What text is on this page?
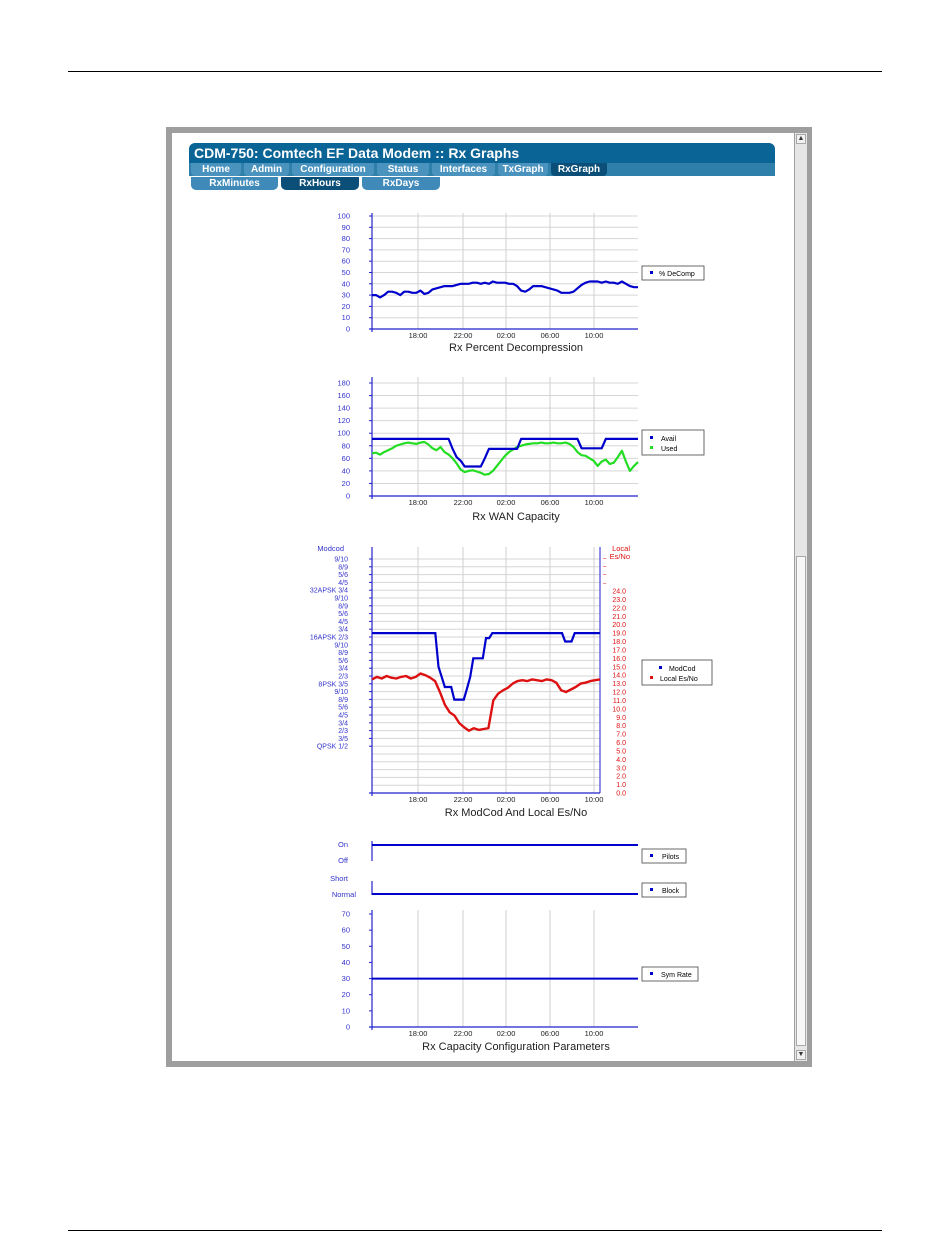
CDM-750: Comtech EF Data Modem :: Rx Graphs
Home	Admin	Configuration	Status	Interfaces	TxGraph	RxGraph
RxMinutes	RxHours	RxDays
Rx Percent Decompression
% DeComp
18:00	22:00	02:00	06:00	10:00
100
90
80
70
60
50
40
30
20
10
0
Rx WAN Capacity
Avail
Used
18:00	22:00	02:00	06:00	10:00
180
160
140
120
100
80
60
40
20
0
Rx ModCod And Local Es/No
Modcod	Local
Es/No
ModCod
Local Es/No
18:00	22:00	02:00	06:00	10:00
9/10
8/9
5/6
4/5
32APSK 3/4
9/10
8/9
5/6
4/5
3/4
16APSK 2/3
9/10
8/9
5/6
3/4
2/3
8PSK 3/5
9/10
8/9
5/6
4/5
3/4
2/3
3/5
QPSK 1/2
24.0
23.0
22.0
21.0
20.0
19.0
18.0
17.0
16.0
15.0
14.0
13.0
12.0
11.0
10.0
9.0
8.0
7.0
6.0
5.0
4.0
3.0
2.0
1.0
0.0
–
–
–
–
Rx Capacity Configuration Parameters
Pilots
Block
Sym Rate
On
Off
Short
Normal
18:00	22:00	02:00	06:00	10:00
70
60
50
40
30
20
10
0
▲
▼
